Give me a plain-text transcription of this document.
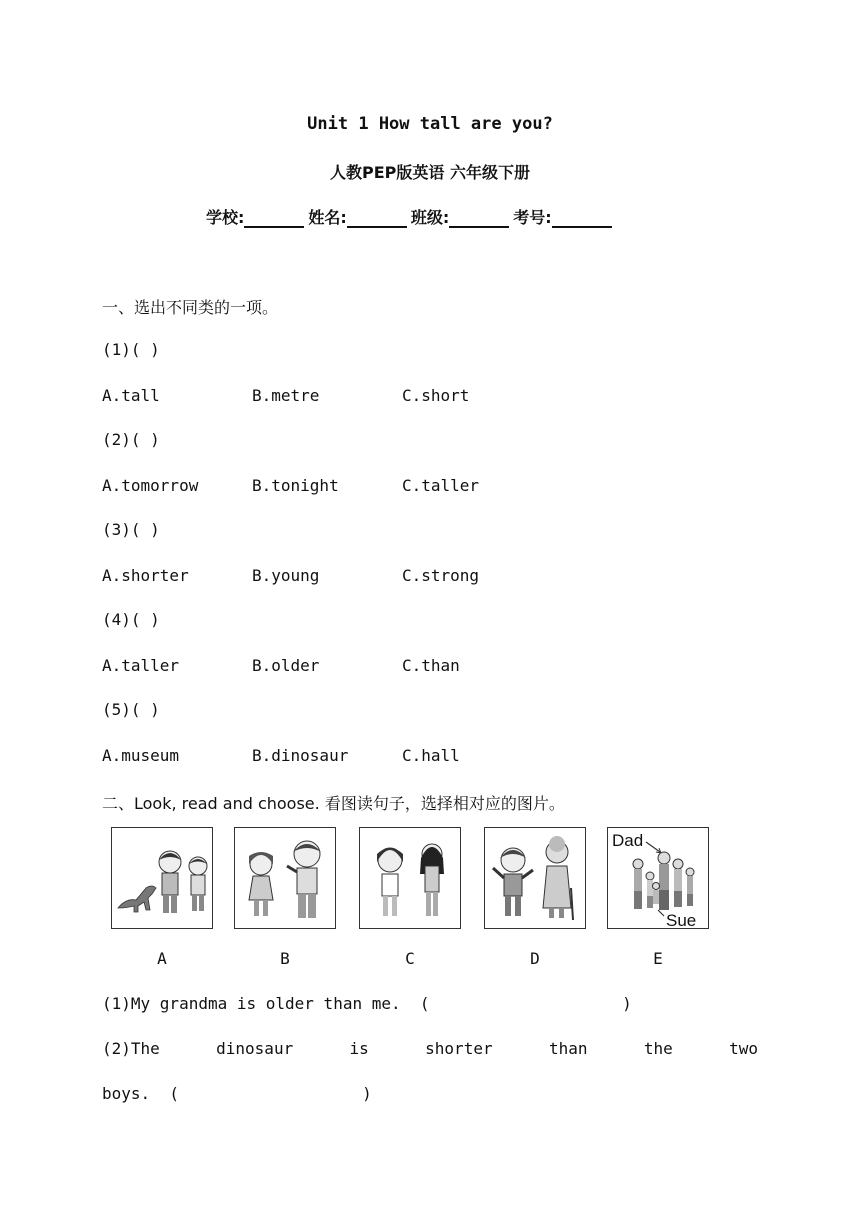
Unit 1 How tall are you?
人教PEP版英语 六年级下册
学校:	姓名:	班级:	考号:
一、选出不同类的一项。
(1)( )
A.tall	B.metre	C.short
(2)( )
A.tomorrow	B.tonight	C.taller
(3)( )
A.shorter	B.young	C.strong
(4)( )
A.taller	B.older	C.than
(5)( )
A.museum	B.dinosaur	C.hall
二、Look, read and choose. 看图读句子，选择相对应的图片。
Dad
Sue
A	B	C	D	E
(1)My grandma is older than me.  (                    )
(2)The	dinosaur	is	shorter	than	the	two
boys.  (                   )
